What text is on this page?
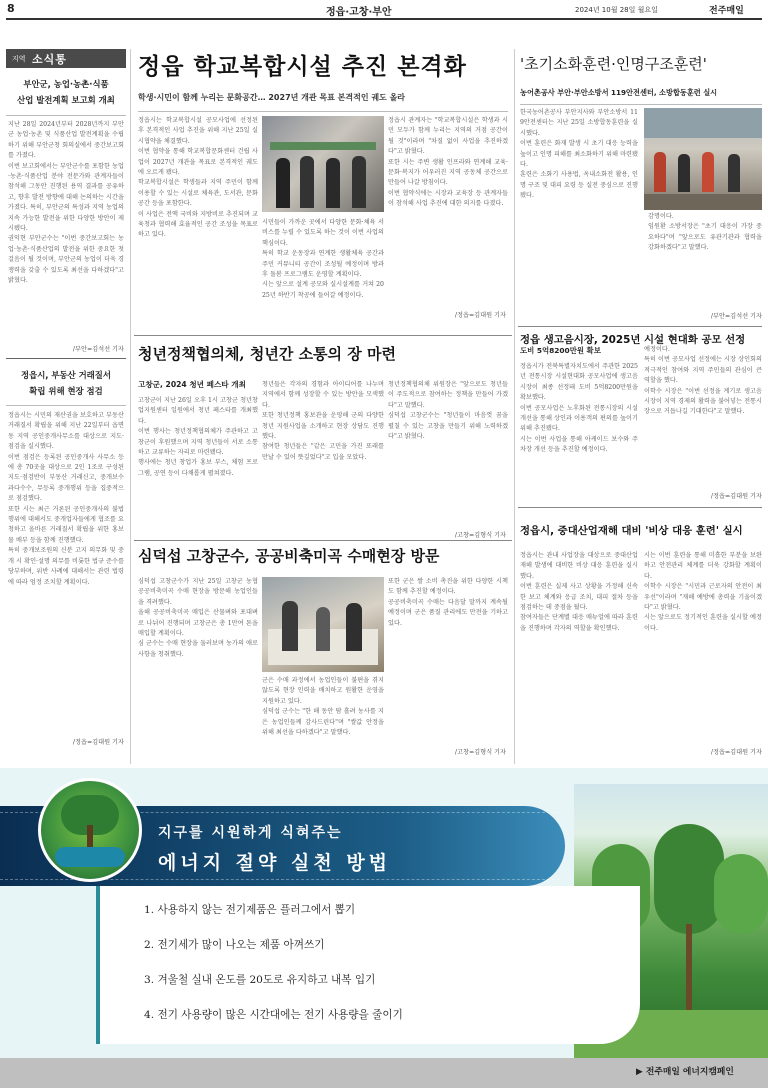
8	정읍·고창·부안	2024년 10월 28일 월요일	전주매일
지역 소식통
부안군, 농업·농촌·식품
산업 발전계획 보고회 개최
지난 28일 2024년부터 2028년까지 부안군 농업·농촌 및 식품산업 발전계획을 수립하기 위해 부안군청 회의실에서 중간보고회를 가졌다.
이번 보고회에서는 부안군수를 포함한 농업·농촌·식품산업 분야 전문가와 관계자들이 참석해 그동안 진행된 용역 결과를 공유하고, 향후 발전 방향에 대해 논의하는 시간을 가졌다. 특히, 부안군의 특성과 지역 농업의 지속 가능한 발전을 위한 다양한 방안이 제시됐다.
권익현 부안군수는 "이번 중간보고회는 농업·농촌·식품산업의 발전을 위한 중요한 첫 걸음이 될 것이며, 부안군의 농업이 더욱 경쟁력을 갖출 수 있도록 최선을 다하겠다"고 밝혔다.
/부안=김석선 기자
정읍시, 부동산 거래질서
확립 위해 현장 점검
정읍시는 시민의 재산권을 보호하고 부동산 거래질서 확립을 위해 지난 22일부터 읍면동 지역 공인중개사무소를 대상으로 지도·점검을 실시했다.
이번 점검은 등록된 공인중개사 사무소 등에 총 70곳을 대상으로 2인 1조로 구성된 지도·점검반이 부동산 거래신고, 중개보수 과다수수, 무등록 중개행위 등을 집중적으로 점검했다.
또한 시는 최근 거론된 공인중개사의 불법 행위에 대해서도 중개업자들에게 협조를 요청하고 올바른 거래질서 확립을 위한 홍보물 배부 등을 함께 진행했다.
특히 중개보조원의 신분 고지 의무화 및 중개 시 확인·설명 의무를 비롯한 법규 준수를 당부하며, 위반 사례에 대해서는 관련 법령에 따라 엄정 조치할 계획이다.
/정읍=김대원 기자
정읍 학교복합시설 추진 본격화
학생·시민이 함께 누리는 문화공간… 2027년 개관 목표 본격적인 궤도 올라
정읍시는 학교복합시설 공모사업에 선정된 후 본격적인 사업 추진을 위해 지난 25일 실시협약을 체결했다.
이번 협약을 통해 학교복합문화센터 건립 사업이 2027년 개관을 목표로 본격적인 궤도에 오르게 됐다.
학교복합시설은 학생들과 지역 주민이 함께 이용할 수 있는 시설로 체육관, 도서관, 문화 공간 등을 포함한다.
이 사업은 전액 국비와 지방비로 추진되며 교육청과 협력해 효율적인 공간 조성을 목표로 하고 있다.
시민들이 가까운 곳에서 다양한 문화·체육 서비스를 누릴 수 있도록 하는 것이 이번 사업의 핵심이다.
특히 학교 운동장과 연계한 생활체육 공간과 주민 커뮤니티 공간이 조성될 예정이며 방과후 돌봄 프로그램도 운영할 계획이다.
시는 앞으로 설계 공모와 실시설계를 거쳐 2025년 하반기 착공에 들어갈 예정이다.
정읍시 관계자는 "학교복합시설은 학생과 시민 모두가 함께 누리는 지역의 거점 공간이 될 것"이라며 "차질 없이 사업을 추진하겠다"고 밝혔다.
또한 시는 주변 생활 인프라와 연계해 교육·문화·복지가 어우러진 지역 공동체 공간으로 만들어 나갈 방침이다.
이번 협약식에는 시장과 교육장 등 관계자들이 참석해 사업 추진에 대한 의지를 다졌다.
/정읍=김대원 기자
청년정책협의체, 청년간 소통의 장 마련
고창군, 2024 청년 페스타 개최
고창군이 지난 26일 오후 1시 고창군 청년창업지원센터 일원에서 청년 페스타를 개최했다.
이번 행사는 청년정책협의체가 주관하고 고창군이 후원했으며 지역 청년들이 서로 소통하고 교류하는 자리로 마련됐다.
행사에는 청년 창업가 홍보 부스, 체험 프로그램, 공연 등이 다채롭게 펼쳐졌다.
청년들은 각자의 경험과 아이디어를 나누며 지역에서 함께 성장할 수 있는 방안을 모색했다.
또한 청년정책 홍보관을 운영해 군의 다양한 청년 지원사업을 소개하고 현장 상담도 진행했다.
참여한 청년들은 "같은 고민을 가진 또래를 만날 수 있어 뜻깊었다"고 입을 모았다.
청년정책협의체 위원장은 "앞으로도 청년들이 주도적으로 참여하는 정책을 만들어 가겠다"고 말했다.
심덕섭 고창군수는 "청년들이 마음껏 꿈을 펼칠 수 있는 고창을 만들기 위해 노력하겠다"고 밝혔다.
/고창=김형식 기자
심덕섭 고창군수, 공공비축미곡 수매현장 방문
심덕섭 고창군수가 지난 25일 고창군 농협 공공비축미곡 수매 현장을 방문해 농업인들을 격려했다.
올해 공공비축미곡 매입은 산물벼와 포대벼로 나뉘어 진행되며 고창군은 총 1만여 톤을 매입할 계획이다.
심 군수는 수매 현장을 둘러보며 농가의 애로사항을 청취했다.
군은 수매 과정에서 농업인들이 불편을 겪지 않도록 현장 인력을 배치하고 원활한 운영을 지원하고 있다.
심덕섭 군수는 "한 해 동안 땀 흘려 농사를 지은 농업인들께 감사드린다"며 "쌀값 안정을 위해 최선을 다하겠다"고 말했다.
또한 군은 쌀 소비 촉진을 위한 다양한 시책도 함께 추진할 예정이다.
공공비축미곡 수매는 다음달 말까지 계속될 예정이며 군은 품질 관리에도 만전을 기하고 있다.
/고창=김형식 기자
'초기소화훈련·인명구조훈련'
농어촌공사 부안·부안소방서 119안전센터, 소방합동훈련 실시
한국농어촌공사 부안지사와 부안소방서 119안전센터는 지난 25일 소방합동훈련을 실시했다.
이번 훈련은 화재 발생 시 초기 대응 능력을 높이고 인명 피해를 최소화하기 위해 마련됐다.
훈련은 소화기 사용법, 옥내소화전 활용, 인명 구조 및 대피 요령 등 실전 중심으로 진행됐다.
감명이다.
임원환 소방서장은 "초기 대응이 가장 중요하다"며 "앞으로도 유관기관과 협력을 강화하겠다"고 말했다.
/부안=김석선 기자
정읍 생고음시장, 2025년 시설 현대화 공모 선정
도비 5억8200만원 확보
정읍시가 전북특별자치도에서 주관한 2025년 전통시장 시설현대화 공모사업에 생고음시장이 최종 선정돼 도비 5억8200만원을 확보했다.
이번 공모사업은 노후화된 전통시장의 시설 개선을 통해 상인과 이용객의 편의를 높이기 위해 추진됐다.
시는 이번 사업을 통해 아케이드 보수와 주차장 개선 등을 추진할 예정이다.
예정이다.
특히 이번 공모사업 선정에는 시장 상인회의 적극적인 참여와 지역 주민들의 관심이 큰 역할을 했다.
이학수 시장은 "이번 선정을 계기로 생고음시장이 지역 경제의 활력을 불어넣는 전통시장으로 거듭나길 기대한다"고 말했다.
/정읍=김대원 기자
정읍시, 중대산업재해 대비 '비상 대응 훈련' 실시
정읍시는 관내 사업장을 대상으로 중대산업재해 발생에 대비한 비상 대응 훈련을 실시했다.
이번 훈련은 실제 사고 상황을 가정해 신속한 보고 체계와 응급 조치, 대피 절차 등을 점검하는 데 중점을 뒀다.
참여자들은 단계별 대응 매뉴얼에 따라 훈련을 진행하며 각자의 역할을 확인했다.
시는 이번 훈련을 통해 미흡한 부분을 보완하고 안전관리 체계를 더욱 강화할 계획이다.
이학수 시장은 "시민과 근로자의 안전이 최우선"이라며 "재해 예방에 총력을 기울이겠다"고 밝혔다.
시는 앞으로도 정기적인 훈련을 실시할 예정이다.
/정읍=김대원 기자
지구를 시원하게 식혀주는
에너지 절약 실천 방법
1. 사용하지 않는 전기제품은 플러그에서 뽑기
2. 전기세가 많이 나오는 제품 아껴쓰기
3. 겨울철 실내 온도를 20도로 유지하고 내복 입기
4. 전기 사용량이 많은 시간대에는 전기 사용량을 줄이기
▶ 전주매일 에너지캠페인
